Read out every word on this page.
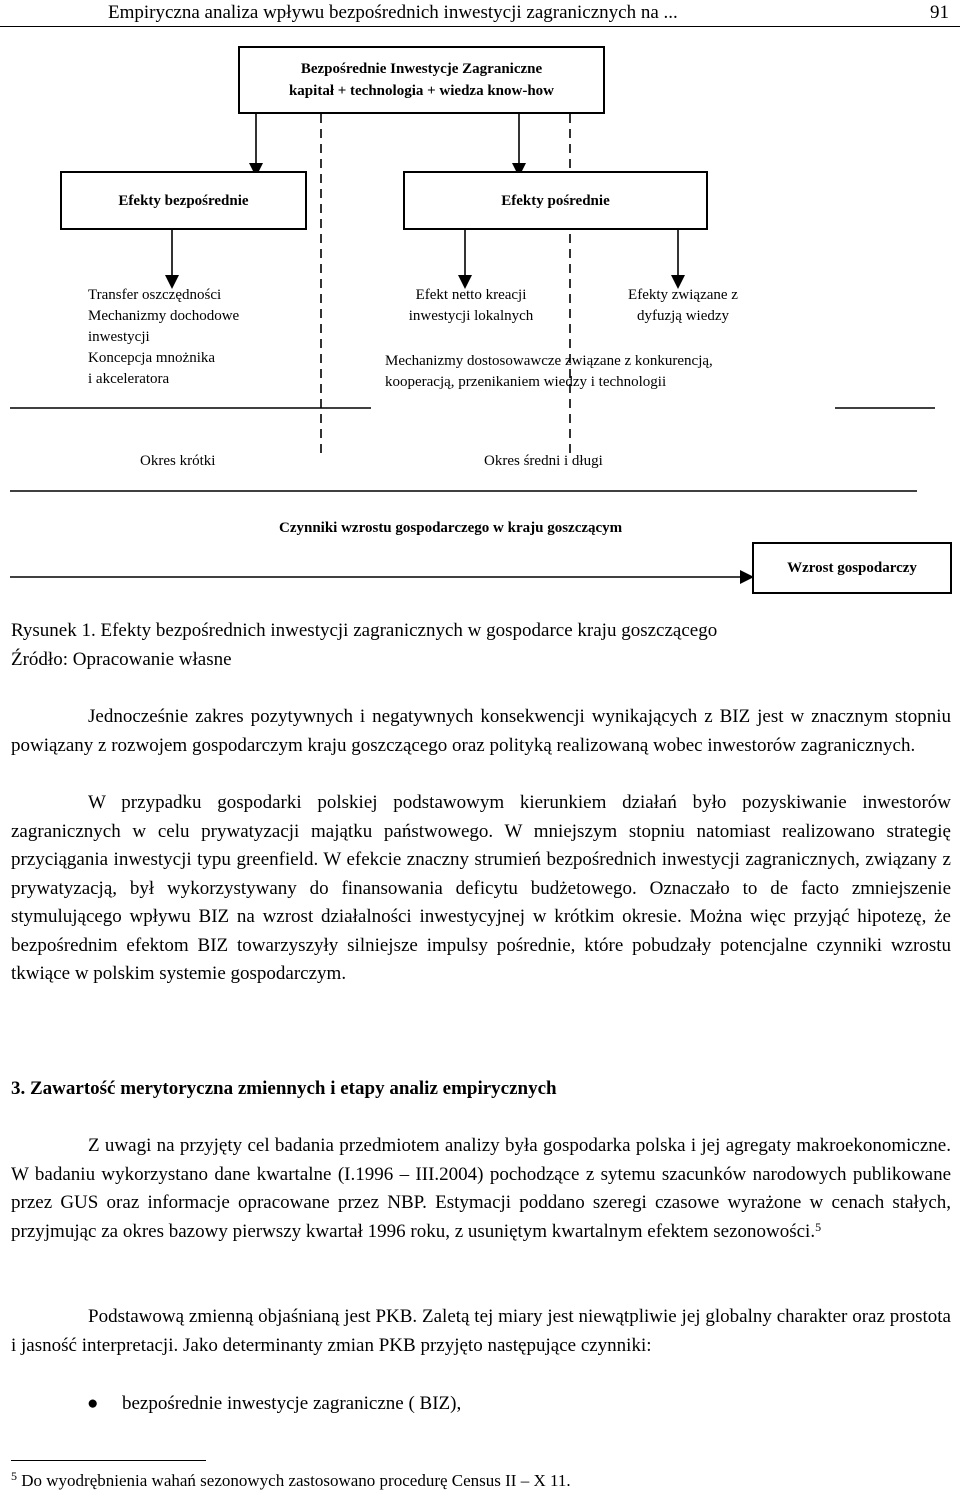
Empiryczna analiza wpływu bezpośrednich inwestycji zagranicznych na ...	91
Bezpośrednie Inwestycje Zagraniczne
kapitał + technologia + wiedza know-how
Efekty bezpośrednie	Efekty pośrednie
Wzrost gospodarczy
Transfer oszczędności
Mechanizmy dochodowe
inwestycji
Koncepcja mnożnika
i akceleratora
Efekt netto kreacji
inwestycji lokalnych
Efekty związane z
dyfuzją wiedzy
Mechanizmy dostosowawcze związane z konkurencją,
kooperacją, przenikaniem wiedzy i technologii
Okres krótki	Okres średni i długi
Czynniki wzrostu gospodarczego w kraju goszczącym
Rysunek 1. Efekty bezpośrednich inwestycji zagranicznych w gospodarce kraju goszczącego
Źródło: Opracowanie własne

Jednocześnie zakres pozytywnych i negatywnych konsekwencji wynikających z BIZ jest w znacznym stopniu powiązany z rozwojem gospodarczym kraju goszczącego oraz polityką realizowaną wobec inwestorów zagranicznych.

W przypadku gospodarki polskiej podstawowym kierunkiem działań było pozyskiwanie inwestorów zagranicznych w celu prywatyzacji majątku państwowego. W mniejszym stopniu natomiast realizowano strategię przyciągania inwestycji typu greenfield. W efekcie znaczny strumień bezpośrednich inwestycji zagranicznych, związany z prywatyzacją, był wykorzystywany do finansowania deficytu budżetowego. Oznaczało to de facto zmniejszenie stymulującego wpływu BIZ na wzrost działalności inwestycyjnej w krótkim okresie. Można więc przyjąć hipotezę, że bezpośrednim efektom BIZ towarzyszyły silniejsze impulsy pośrednie, które pobudzały potencjalne czynniki wzrostu tkwiące w polskim systemie gospodarczym.

3. Zawartość merytoryczna zmiennych i etapy analiz empirycznych

Z uwagi na przyjęty cel badania przedmiotem analizy była gospodarka polska i jej agregaty makroekonomiczne. W badaniu wykorzystano dane kwartalne (I.1996 – III.2004) pochodzące z sytemu szacunków narodowych publikowane przez GUS oraz informacje opracowane przez NBP. Estymacji poddano szeregi czasowe wyrażone w cenach stałych, przyjmując za okres bazowy pierwszy kwartał 1996 roku, z usuniętym kwartalnym efektem sezonowości.$^5$

Podstawową zmienną objaśnianą jest PKB. Zaletą tej miary jest niewątpliwie jej globalny charakter oraz prostota i jasność interpretacji. Jako determinanty zmian PKB przyjęto następujące czynniki:

● bezpośrednie inwestycje zagraniczne ( BIZ),
$^5$ Do wyodrębnienia wahań sezonowych zastosowano procedurę Census II – X 11.
